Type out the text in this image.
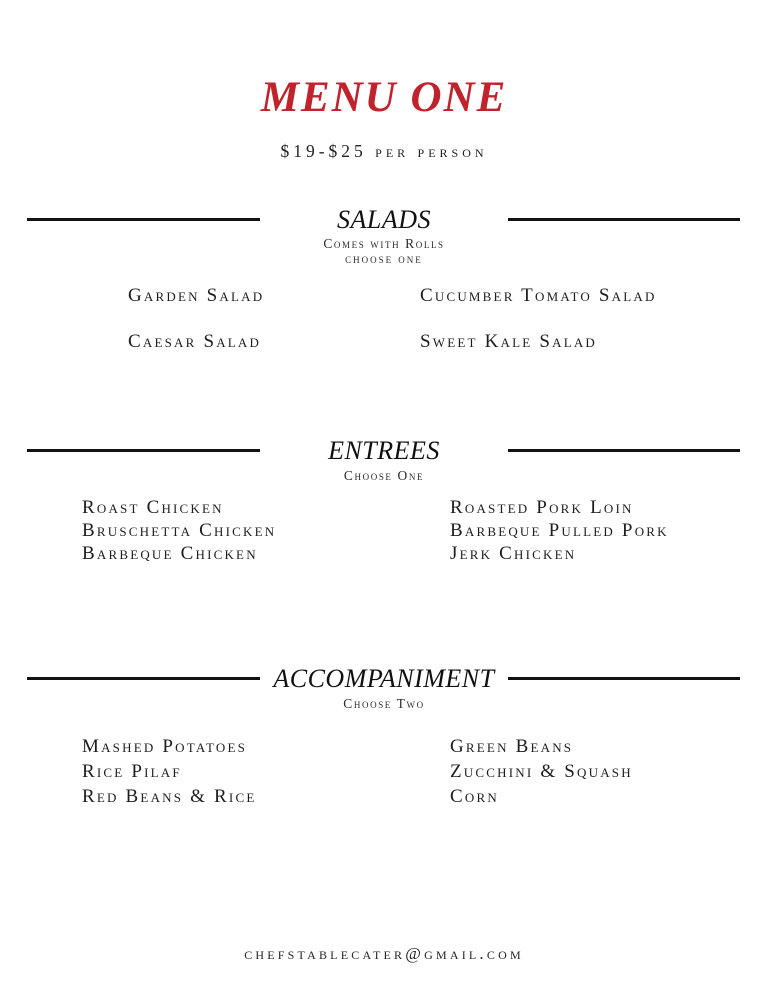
MENU ONE
$19-$25 per person
SALADS
Comes with Rolls
choose one
Garden Salad	Cucumber Tomato Salad
Caesar Salad	Sweet Kale Salad
ENTREES
Choose One
Roast Chicken
Bruschetta Chicken
Barbeque Chicken
Roasted Pork Loin
Barbeque Pulled Pork
Jerk Chicken
ACCOMPANIMENT
Choose Two
Mashed Potatoes
Rice Pilaf
Red Beans & Rice
Green Beans
Zucchini & Squash
Corn
chefstablecater@gmail.com
